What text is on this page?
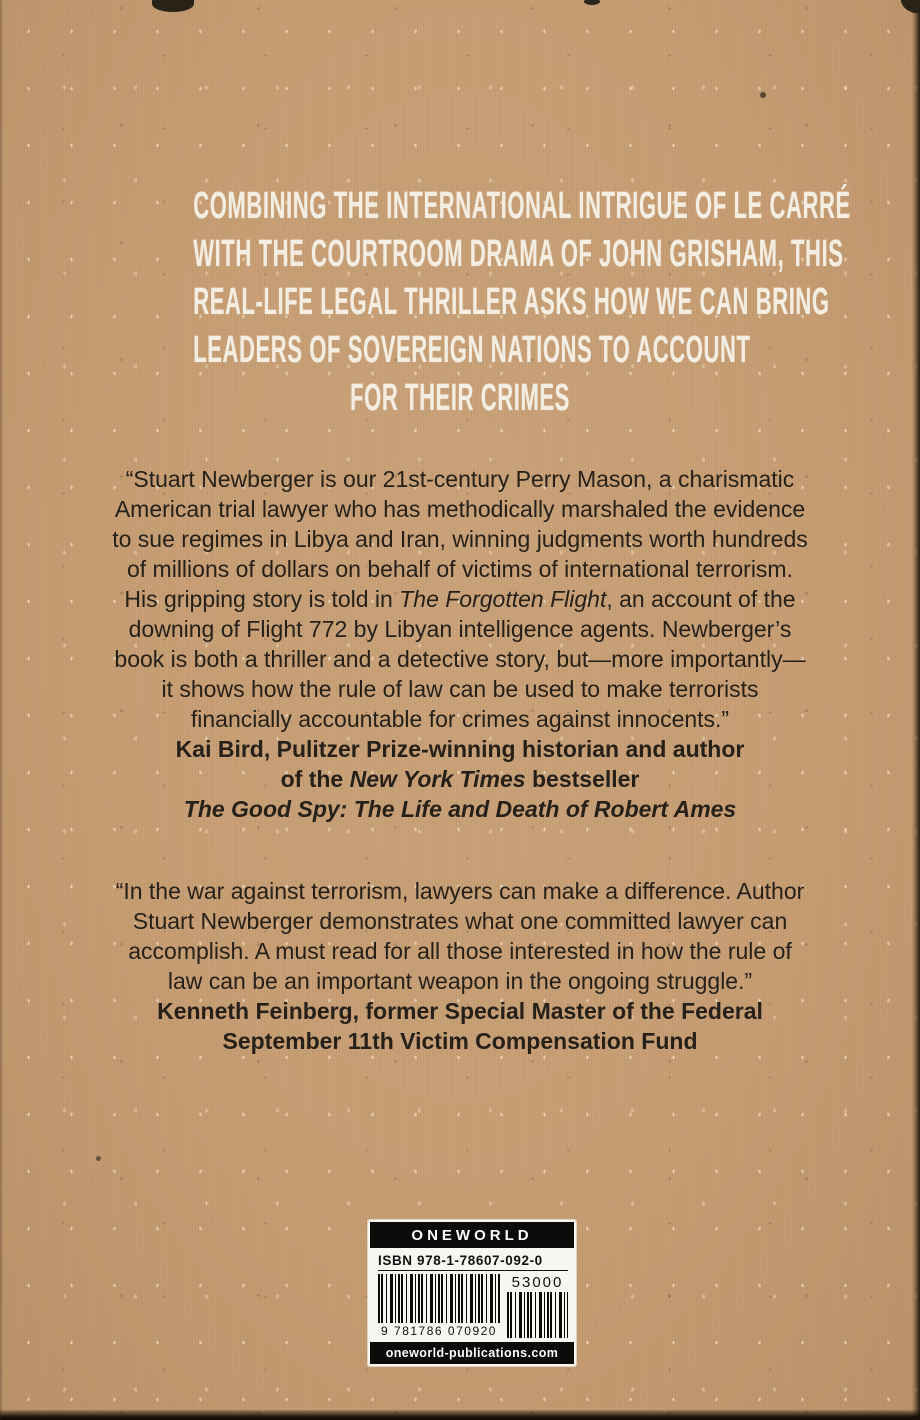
COMBINING THE INTERNATIONAL INTRIGUE OF LE CARRÉ
WITH THE COURTROOM DRAMA OF JOHN GRISHAM, THIS
REAL-LIFE LEGAL THRILLER ASKS HOW WE CAN BRING
LEADERS OF SOVEREIGN NATIONS TO ACCOUNT
FOR THEIR CRIMES
“Stuart Newberger is our 21st-century Perry Mason, a charismatic
American trial lawyer who has methodically marshaled the evidence
to sue regimes in Libya and Iran, winning judgments worth hundreds
of millions of dollars on behalf of victims of international terrorism.
His gripping story is told in The Forgotten Flight, an account of the
downing of Flight 772 by Libyan intelligence agents. Newberger’s
book is both a thriller and a detective story, but—more importantly—
it shows how the rule of law can be used to make terrorists
financially accountable for crimes against innocents.”
Kai Bird, Pulitzer Prize-winning historian and author
of the New York Times bestseller
The Good Spy: The Life and Death of Robert Ames
“In the war against terrorism, lawyers can make a difference. Author
Stuart Newberger demonstrates what one committed lawyer can
accomplish. A must read for all those interested in how the rule of
law can be an important weapon in the ongoing struggle.”
Kenneth Feinberg, former Special Master of the Federal
September 11th Victim Compensation Fund
ONEWORLD
ISBN 978-1-78607-092-0
9 781786 070920
53000
oneworld-publications.com
